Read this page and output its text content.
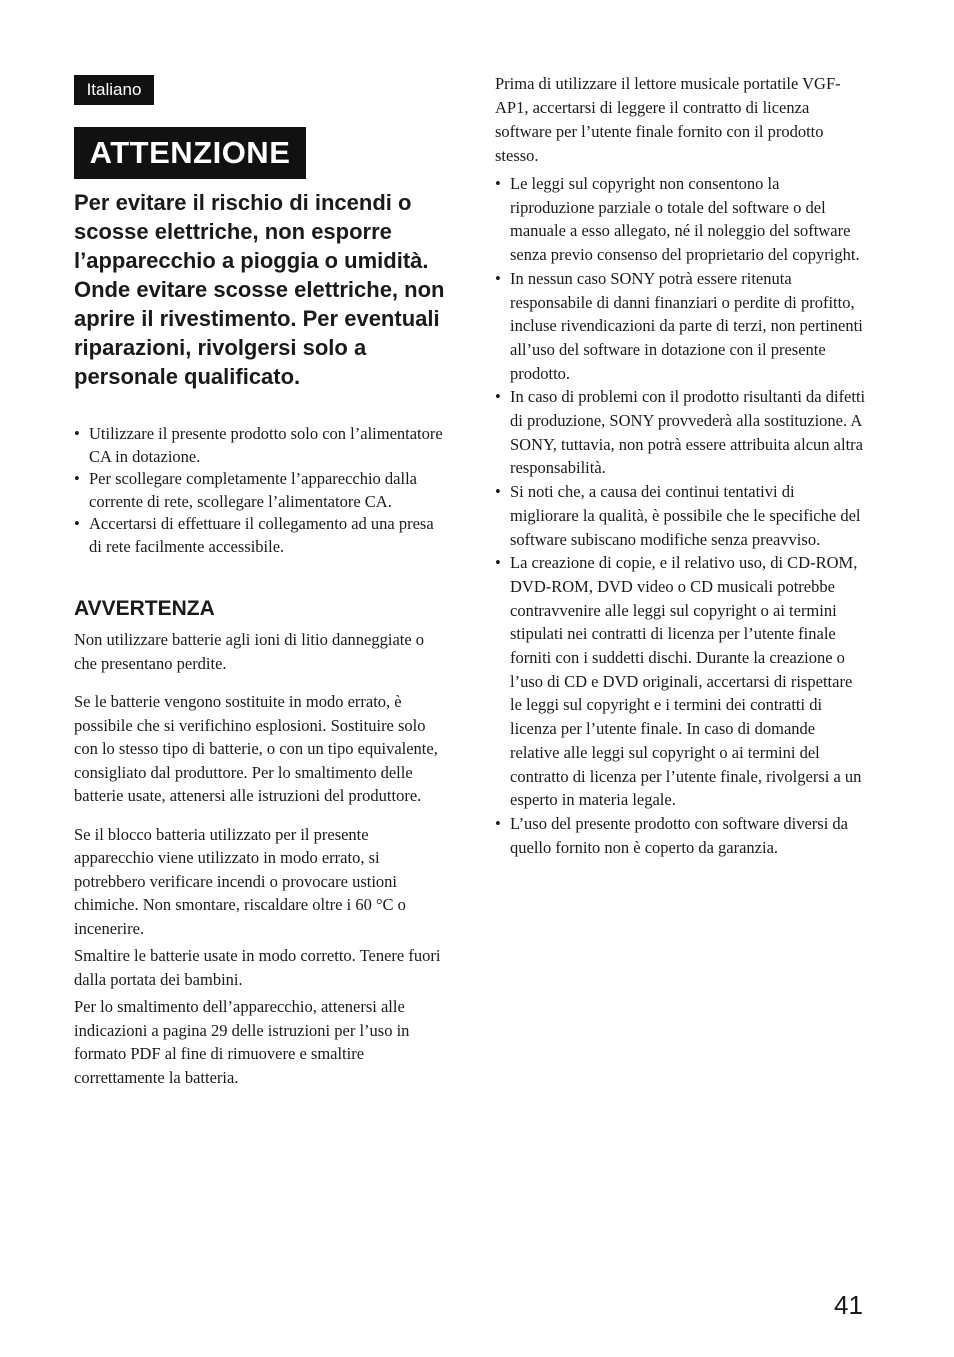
Italiano
ATTENZIONE

Per evitare il rischio di incendi o scosse elettriche, non esporre l’apparecchio a pioggia o umidità. Onde evitare scosse elettriche, non aprire il rivestimento. Per eventuali riparazioni, rivolgersi solo a personale qualificato.

• Utilizzare il presente prodotto solo con l’alimentatore CA in dotazione.
• Per scollegare completamente l’apparecchio dalla corrente di rete, scollegare l’alimentatore CA.
• Accertarsi di effettuare il collegamento ad una presa di rete facilmente accessibile.
AVVERTENZA

Non utilizzare batterie agli ioni di litio danneggiate o che presentano perdite.

Se le batterie vengono sostituite in modo errato, è possibile che si verifichino esplosioni. Sostituire solo con lo stesso tipo di batterie, o con un tipo equivalente, consigliato dal produttore. Per lo smaltimento delle batterie usate, attenersi alle istruzioni del produttore.

Se il blocco batteria utilizzato per il presente apparecchio viene utilizzato in modo errato, si potrebbero verificare incendi o provocare ustioni chimiche. Non smontare, riscaldare oltre i 60 °C o incenerire.

Smaltire le batterie usate in modo corretto. Tenere fuori dalla portata dei bambini.

Per lo smaltimento dell’apparecchio, attenersi alle indicazioni a pagina 29 delle istruzioni per l’uso in formato PDF al fine di rimuovere e smaltire correttamente la batteria.

Prima di utilizzare il lettore musicale portatile VGF-AP1, accertarsi di leggere il contratto di licenza software per l’utente finale fornito con il prodotto stesso.

• Le leggi sul copyright non consentono la riproduzione parziale o totale del software o del manuale a esso allegato, né il noleggio del software senza previo consenso del proprietario del copyright.
• In nessun caso SONY potrà essere ritenuta responsabile di danni finanziari o perdite di profitto, incluse rivendicazioni da parte di terzi, non pertinenti all’uso del software in dotazione con il presente prodotto.
• In caso di problemi con il prodotto risultanti da difetti di produzione, SONY provvederà alla sostituzione. A SONY, tuttavia, non potrà essere attribuita alcun altra responsabilità.
• Si noti che, a causa dei continui tentativi di migliorare la qualità, è possibile che le specifiche del software subiscano modifiche senza preavviso.
• La creazione di copie, e il relativo uso, di CD-ROM, DVD-ROM, DVD video o CD musicali potrebbe contravvenire alle leggi sul copyright o ai termini stipulati nei contratti di licenza per l’utente finale forniti con i suddetti dischi. Durante la creazione o l’uso di CD e DVD originali, accertarsi di rispettare le leggi sul copyright e i termini dei contratti di licenza per l’utente finale. In caso di domande relative alle leggi sul copyright o ai termini del contratto di licenza per l’utente finale, rivolgersi a un esperto in materia legale.
• L’uso del presente prodotto con software diversi da quello fornito non è coperto da garanzia.
41
